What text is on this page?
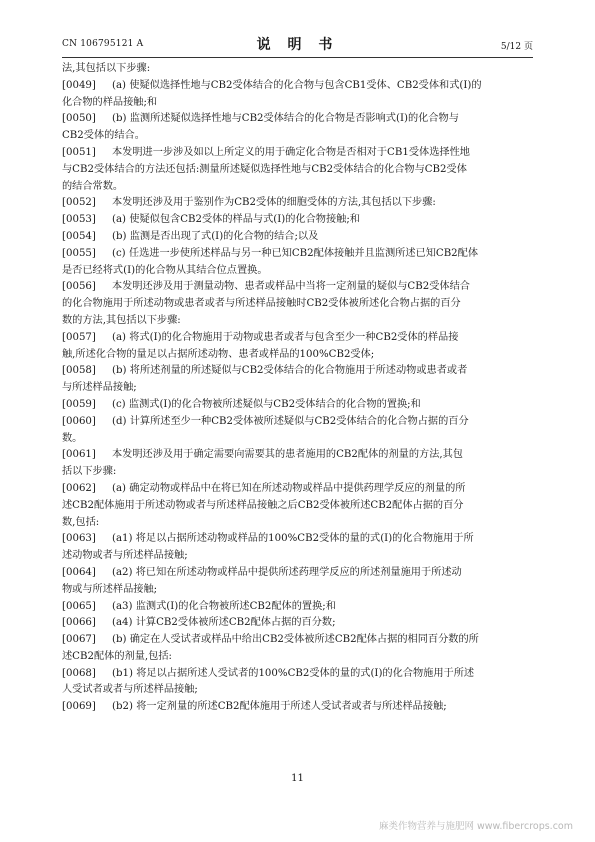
CN 106795121 A	说 明 书	5/12 页
法,其包括以下步骤:
[0049] (a) 使疑似选择性地与CB2受体结合的化合物与包含CB1受体、CB2受体和式(I)的
化合物的样品接触;和
[0050] (b) 监测所述疑似选择性地与CB2受体结合的化合物是否影响式(I)的化合物与
CB2受体的结合。
[0051] 本发明进一步涉及如以上所定义的用于确定化合物是否相对于CB1受体选择性地
与CB2受体结合的方法还包括:测量所述疑似选择性地与CB2受体结合的化合物与CB2受体
的结合常数。
[0052] 本发明还涉及用于鉴别作为CB2受体的细胞受体的方法,其包括以下步骤:
[0053] (a) 使疑似包含CB2受体的样品与式(I)的化合物接触;和
[0054] (b) 监测是否出现了式(I)的化合物的结合;以及
[0055] (c) 任选进一步使所述样品与另一种已知CB2配体接触并且监测所述已知CB2配体
是否已经将式(I)的化合物从其结合位点置换。
[0056] 本发明还涉及用于测量动物、患者或样品中当将一定剂量的疑似与CB2受体结合
的化合物施用于所述动物或患者或者与所述样品接触时CB2受体被所述化合物占据的百分
数的方法,其包括以下步骤:
[0057] (a) 将式(I)的化合物施用于动物或患者或者与包含至少一种CB2受体的样品接
触,所述化合物的量足以占据所述动物、患者或样品的100%CB2受体;
[0058] (b) 将所述剂量的所述疑似与CB2受体结合的化合物施用于所述动物或患者或者
与所述样品接触;
[0059] (c) 监测式(I)的化合物被所述疑似与CB2受体结合的化合物的置换;和
[0060] (d) 计算所述至少一种CB2受体被所述疑似与CB2受体结合的化合物占据的百分
数。
[0061] 本发明还涉及用于确定需要向需要其的患者施用的CB2配体的剂量的方法,其包
括以下步骤:
[0062] (a) 确定动物或样品中在将已知在所述动物或样品中提供药理学反应的剂量的所
述CB2配体施用于所述动物或者与所述样品接触之后CB2受体被所述CB2配体占据的百分
数,包括:
[0063] (a1) 将足以占据所述动物或样品的100%CB2受体的量的式(I)的化合物施用于所
述动物或者与所述样品接触;
[0064] (a2) 将已知在所述动物或样品中提供所述药理学反应的所述剂量施用于所述动
物或与所述样品接触;
[0065] (a3) 监测式(I)的化合物被所述CB2配体的置换;和
[0066] (a4) 计算CB2受体被所述CB2配体占据的百分数;
[0067] (b) 确定在人受试者或样品中给出CB2受体被所述CB2配体占据的相同百分数的所
述CB2配体的剂量,包括:
[0068] (b1) 将足以占据所述人受试者的100%CB2受体的量的式(I)的化合物施用于所述
人受试者或者与所述样品接触;
[0069] (b2) 将一定剂量的所述CB2配体施用于所述人受试者或者与所述样品接触;
11
麻类作物营养与施肥网 www.fibercrops.com
